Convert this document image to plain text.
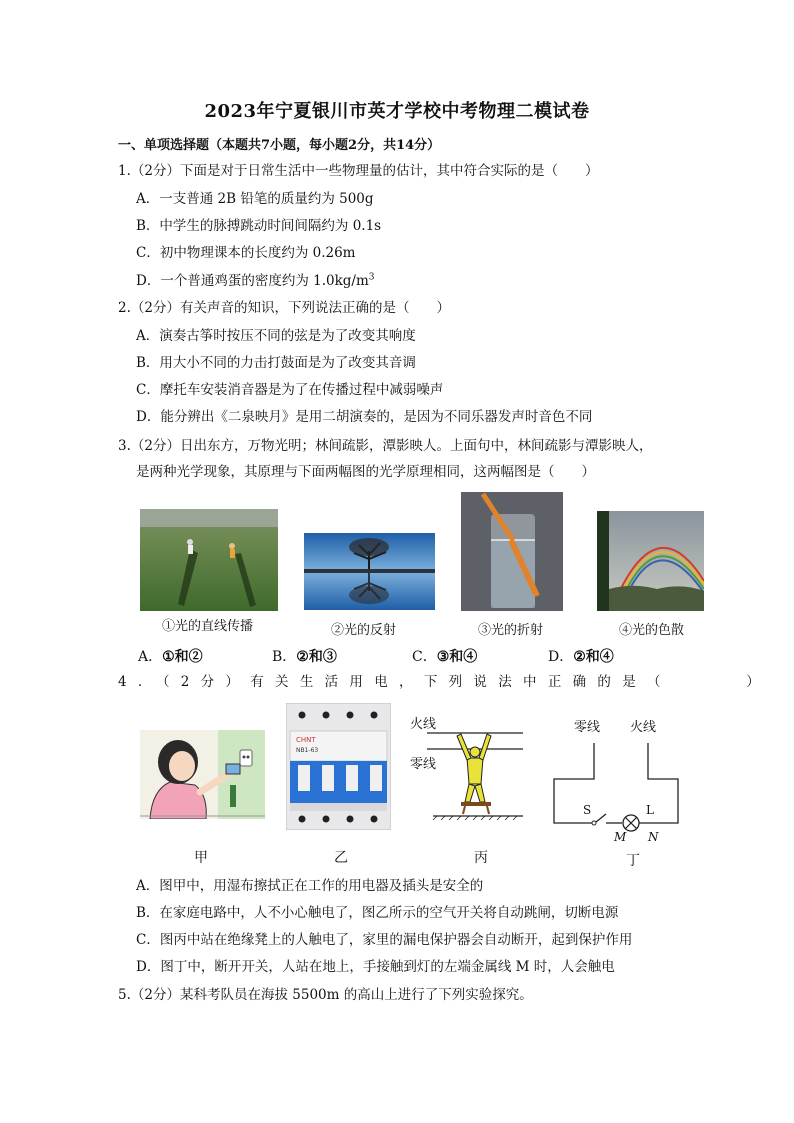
2023年宁夏银川市英才学校中考物理二模试卷
一、单项选择题（本题共7小题，每小题2分，共14分）
1.（2分）下面是对于日常生活中一些物理量的估计，其中符合实际的是（　　）
A．一支普通 2B 铅笔的质量约为 500g
B．中学生的脉搏跳动时间间隔约为 0.1s
C．初中物理课本的长度约为 0.26m
D．一个普通鸡蛋的密度约为 $1.0kg/m^3$
2.（2分）有关声音的知识，下列说法正确的是（　　）
A．演奏古筝时按压不同的弦是为了改变其响度
B．用大小不同的力击打鼓面是为了改变其音调
C．摩托车安装消音器是为了在传播过程中减弱噪声
D．能分辨出《二泉映月》是用二胡演奏的，是因为不同乐器发声时音色不同
3.（2分）日出东方，万物光明；林间疏影，潭影映人。上面句中，林间疏影与潭影映人，
是两种光学现象，其原理与下面两幅图的光学原理相同，这两幅图是（　　）
①光的直线传播	②光的反射	③光的折射	④光的色散
A．①和②	B．②和③	C．③和④	D．②和④
4．（2分）有关生活用电，下列说法中正确的是（　　　）
CHNT
NB1-63
火线
零线
零线 火线
S	L
M N
甲	乙	丙	丁
A．图甲中，用湿布擦拭正在工作的用电器及插头是安全的
B．在家庭电路中，人不小心触电了，图乙所示的空气开关将自动跳闸，切断电源
C．图丙中站在绝缘凳上的人触电了，家里的漏电保护器会自动断开，起到保护作用
D．图丁中，断开开关，人站在地上，手接触到灯的左端金属线 M 时，人会触电
5.（2分）某科考队员在海拔 5500m 的高山上进行了下列实验探究。
